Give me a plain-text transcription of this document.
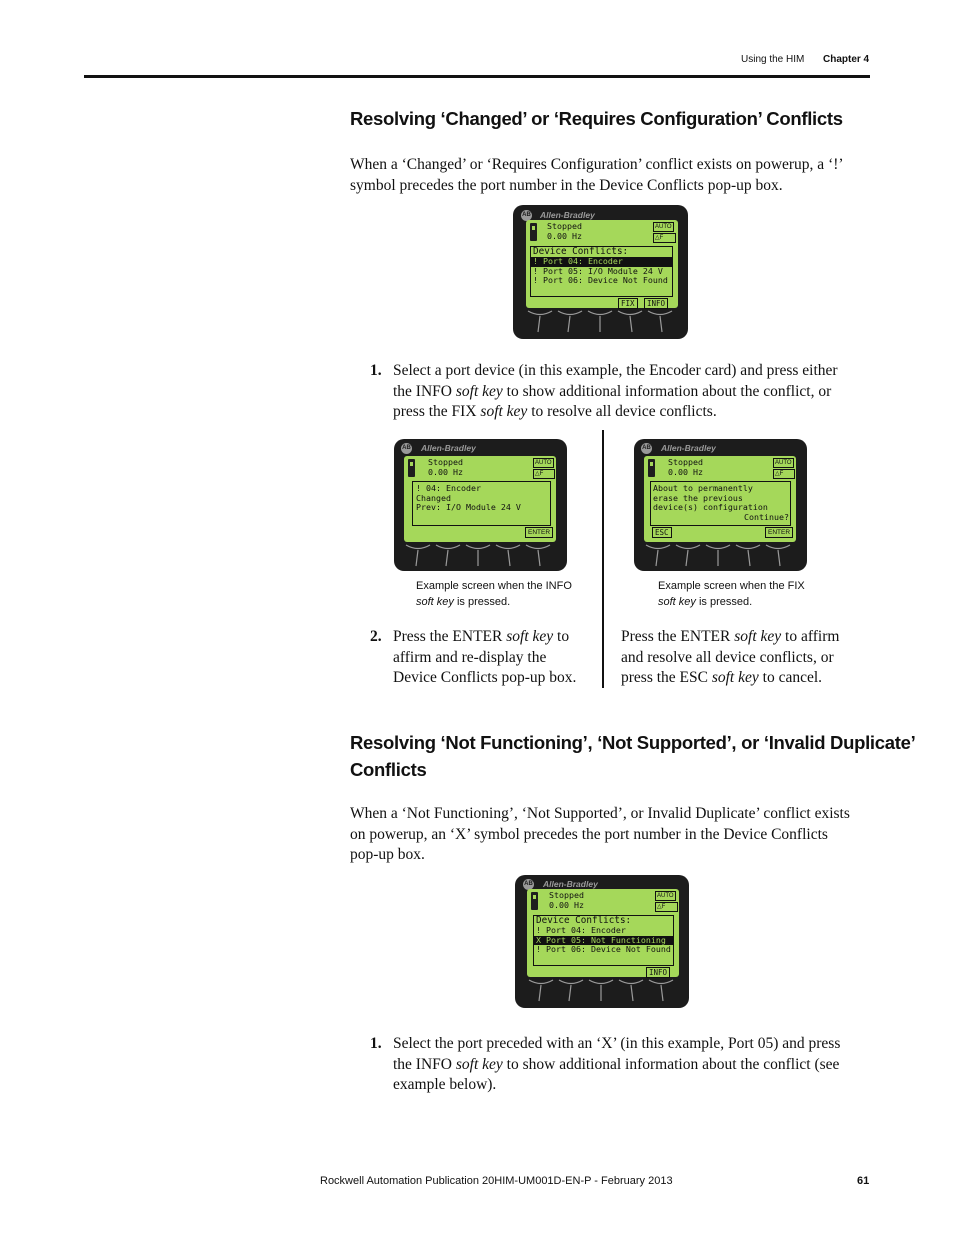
Using the HIM Chapter 4
Resolving ‘Changed’ or ‘Requires Configuration’ Conflicts
When a ‘Changed’ or ‘Requires Configuration’ conflict exists on powerup, a ‘!’
symbol precedes the port number in the Device Conflicts pop-up box.
AB Allen-Bradley
Stopped
0.00 Hz
AUTO
△F
Device Conflicts:
! Port 04: Encoder
! Port 05: I/O Module 24 V
! Port 06: Device Not Found
FIX	INFO
1. Select a port device (in this example, the Encoder card) and press either
the INFO soft key to show additional information about the conflict, or
press the FIX soft key to resolve all device conflicts.
AB Allen-Bradley
Stopped
0.00 Hz
AUTO
△F
! 04: Encoder
Changed
Prev: I/O Module 24 V
ENTER
Example screen when the INFO
soft key is pressed.
AB Allen-Bradley
Stopped
0.00 Hz
AUTO
△F
About to permanently
erase the previous
device(s) configuration
Continue?
ESC	ENTER
Example screen when the FIX
soft key is pressed.
2. Press the ENTER soft key to
affirm and re-display the
Device Conflicts pop-up box.
Press the ENTER soft key to affirm
and resolve all device conflicts, or
press the ESC soft key to cancel.
Resolving ‘Not Functioning’, ‘Not Supported’, or ‘Invalid Duplicate’
Conflicts
When a ‘Not Functioning’, ‘Not Supported’, or Invalid Duplicate’ conflict exists
on powerup, an ‘X’ symbol precedes the port number in the Device Conflicts
pop-up box.
AB Allen-Bradley
Stopped
0.00 Hz
AUTO
△F
Device Conflicts:
! Port 04: Encoder
X Port 05: Not Functioning
! Port 06: Device Not Found
INFO
1. Select the port preceded with an ‘X’ (in this example, Port 05) and press
the INFO soft key to show additional information about the conflict (see
example below).
Rockwell Automation Publication 20HIM-UM001D-EN-P - February 2013	61
